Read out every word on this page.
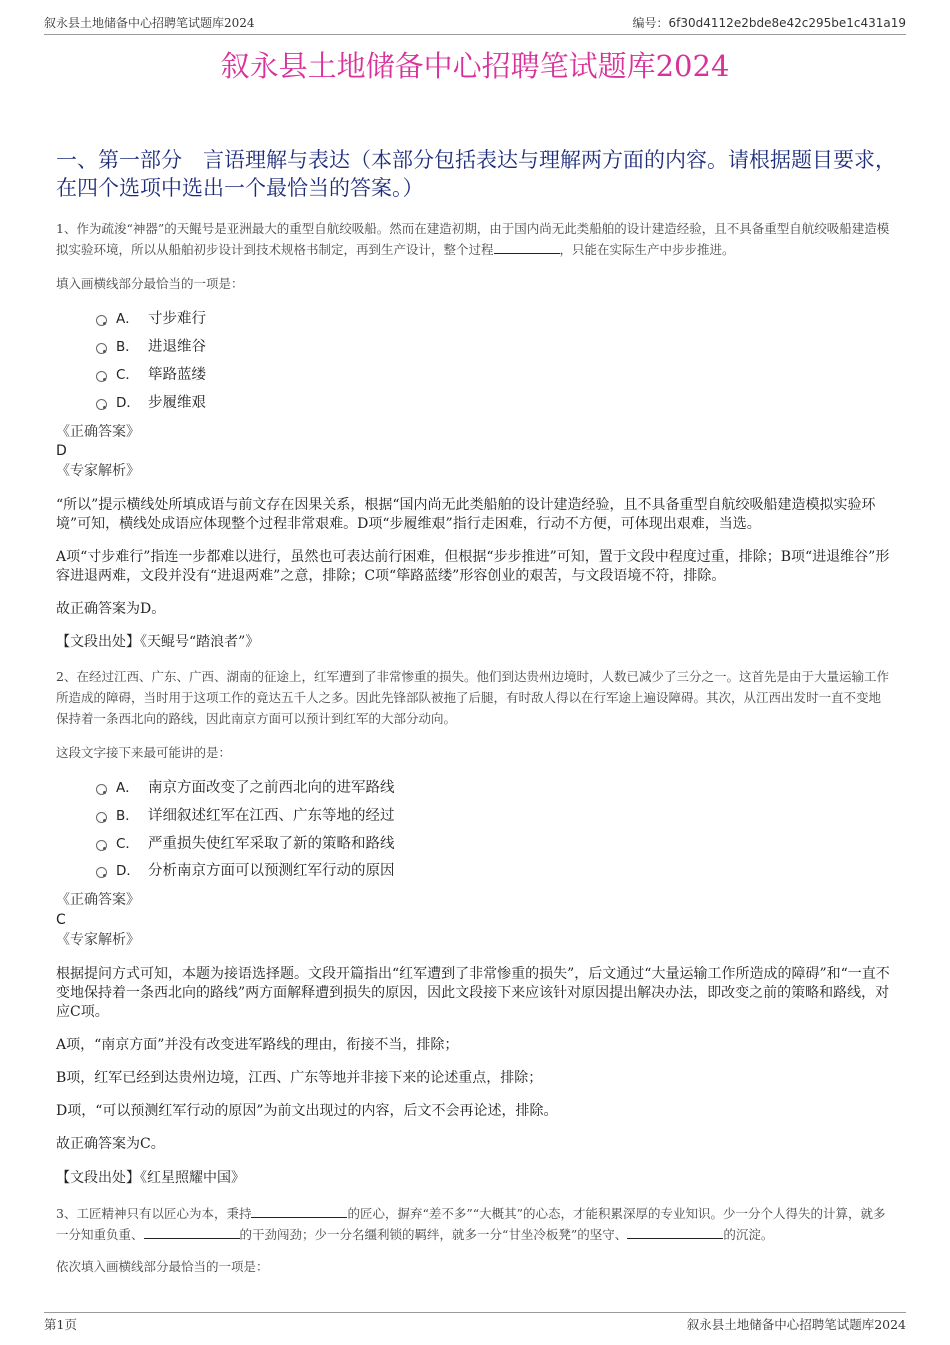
叙永县土地储备中心招聘笔试题库2024	编号：6f30d4112e2bde8e42c295be1c431a19
叙永县土地储备中心招聘笔试题库2024
一、第一部分　言语理解与表达（本部分包括表达与理解两方面的内容。请根据题目要求，在四个选项中选出一个最恰当的答案。）

1、作为疏浚“神器”的天鲲号是亚洲最大的重型自航绞吸船。然而在建造初期，由于国内尚无此类船舶的设计建造经验，且不具备重型自航绞吸船建造模拟实验环境，所以从船舶初步设计到技术规格书制定，再到生产设计，整个过程	，只能在实际生产中步步推进。

填入画横线部分最恰当的一项是：

A． 寸步难行
B． 进退维谷
C． 筚路蓝缕
D． 步履维艰

《正确答案》

D

《专家解析》

“所以”提示横线处所填成语与前文存在因果关系，根据“国内尚无此类船舶的设计建造经验，且不具备重型自航绞吸船建造模拟实验环境”可知，横线处成语应体现整个过程非常艰难。D项“步履维艰”指行走困难，行动不方便，可体现出艰难，当选。

A项“寸步难行”指连一步都难以进行，虽然也可表达前行困难，但根据“步步推进”可知，置于文段中程度过重，排除；B项“进退维谷”形容进退两难，文段并没有“进退两难”之意，排除；C项“筚路蓝缕”形容创业的艰苦，与文段语境不符，排除。

故正确答案为D。

【文段出处】《天鲲号“踏浪者”》

2、在经过江西、广东、广西、湖南的征途上，红军遭到了非常惨重的损失。他们到达贵州边境时，人数已减少了三分之一。这首先是由于大量运输工作所造成的障碍，当时用于这项工作的竟达五千人之多。因此先锋部队被拖了后腿，有时敌人得以在行军途上遍设障碍。其次，从江西出发时一直不变地保持着一条西北向的路线，因此南京方面可以预计到红军的大部分动向。

这段文字接下来最可能讲的是：

A． 南京方面改变了之前西北向的进军路线
B． 详细叙述红军在江西、广东等地的经过
C． 严重损失使红军采取了新的策略和路线
D． 分析南京方面可以预测红军行动的原因

《正确答案》

C

《专家解析》

根据提问方式可知，本题为接语选择题。文段开篇指出“红军遭到了非常惨重的损失”，后文通过“大量运输工作所造成的障碍”和“一直不变地保持着一条西北向的路线”两方面解释遭到损失的原因，因此文段接下来应该针对原因提出解决办法，即改变之前的策略和路线，对应C项。

A项，“南京方面”并没有改变进军路线的理由，衔接不当，排除；

B项，红军已经到达贵州边境，江西、广东等地并非接下来的论述重点，排除；

D项，“可以预测红军行动的原因”为前文出现过的内容，后文不会再论述，排除。

故正确答案为C。

【文段出处】《红星照耀中国》

3、工匠精神只有以匠心为本，秉持	的匠心，摒弃“差不多”“大概其”的心态，才能积累深厚的专业知识。少一分个人得失的计算，就多一分知重负重、	的干劲闯劲；少一分名缰利锁的羁绊，就多一分“甘坐冷板凳”的坚守、	的沉淀。

依次填入画横线部分最恰当的一项是：

第1页	叙永县土地储备中心招聘笔试题库2024
